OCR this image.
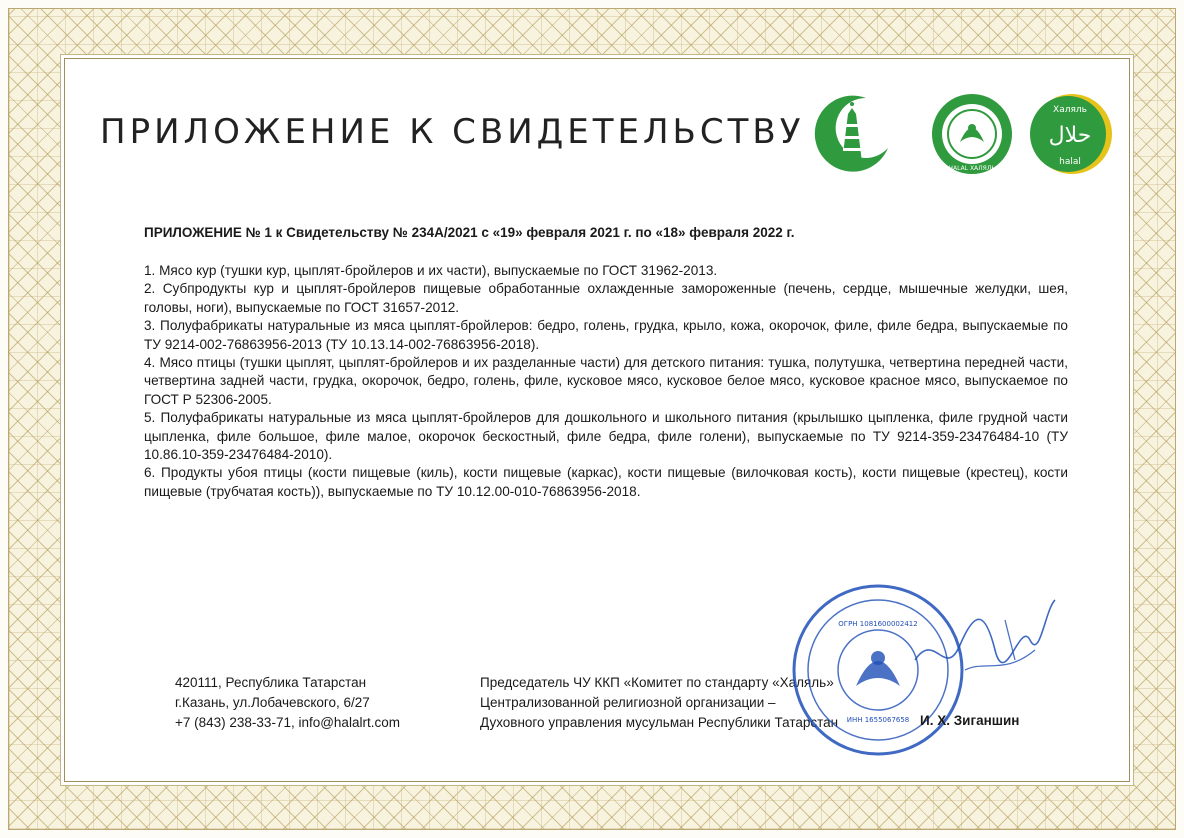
ПРИЛОЖЕНИЕ К СВИДЕТЕЛЬСТВУ
HALAL ХАЛЯЛЬ
Халяль
حلال
halal
ПРИЛОЖЕНИЕ № 1 к Свидетельству № 234А/2021 с «19» февраля 2021 г. по «18» февраля 2022 г.
1. Мясо кур (тушки кур, цыплят-бройлеров и их части), выпускаемые по ГОСТ 31962-2013.
2. Субпродукты кур и цыплят-бройлеров пищевые обработанные охлажденные замороженные (печень, сердце, мышечные желудки, шея, головы, ноги), выпускаемые по ГОСТ 31657-2012.
3. Полуфабрикаты натуральные из мяса цыплят-бройлеров: бедро, голень, грудка, крыло, кожа, окорочок, филе, филе бедра, выпускаемые по ТУ 9214-002-76863956-2013 (ТУ 10.13.14-002-76863956-2018).
4. Мясо птицы (тушки цыплят, цыплят-бройлеров и их разделанные части) для детского питания: тушка, полутушка, четвертина передней части, четвертина задней части, грудка, окорочок, бедро, голень, филе, кусковое мясо, кусковое белое мясо, кусковое красное мясо, выпускаемое по ГОСТ Р 52306-2005.
5. Полуфабрикаты натуральные из мяса цыплят-бройлеров для дошкольного и школьного питания (крылышко цыпленка, филе грудной части цыпленка, филе большое, филе малое, окорочок бескостный, филе бедра, филе голени), выпускаемые по ТУ 9214-359-23476484-10 (ТУ 10.86.10-359-23476484-2010).
6. Продукты убоя птицы (кости пищевые (киль), кости пищевые (каркас), кости пищевые (вилочковая кость), кости пищевые (крестец), кости пищевые (трубчатая кость)), выпускаемые по ТУ 10.12.00-010-76863956-2018.
420111, Республика Татарстан
г.Казань, ул.Лобачевского, 6/27
+7 (843) 238-33-71, info@halalrt.com
Председатель ЧУ ККП «Комитет по стандарту «Халяль»
Централизованной религиозной организации –
Духовного управления мусульман Республики Татарстан
ОГРН 1081600002412
ИНН 1655067658 И. Х. Зиганшин
